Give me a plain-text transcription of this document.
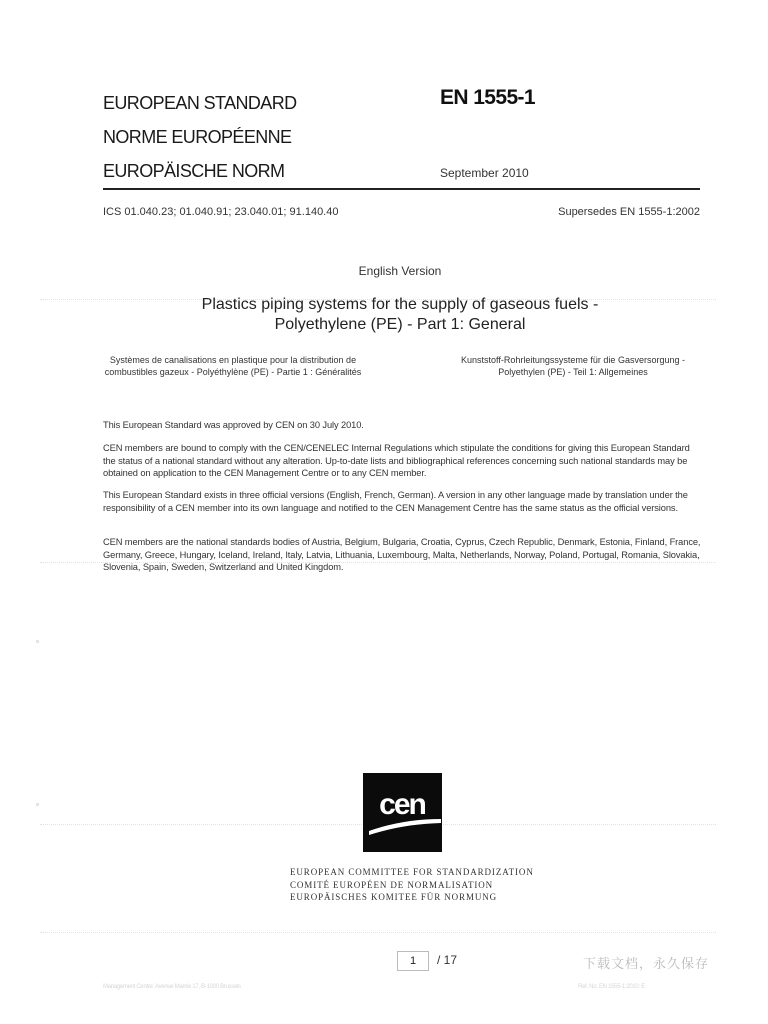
EUROPEAN STANDARD
NORME EUROPÉENNE
EUROPÄISCHE NORM
EN 1555-1
September 2010
ICS 01.040.23; 01.040.91; 23.040.01; 91.140.40	Supersedes EN 1555-1:2002
English Version
Plastics piping systems for the supply of gaseous fuels -
Polyethylene (PE) - Part 1: General
Systèmes de canalisations en plastique pour la distribution de combustibles gazeux - Polyéthylène (PE) - Partie 1 : Généralités
Kunststoff-Rohrleitungssysteme für die Gasversorgung - Polyethylen (PE) - Teil 1: Allgemeines
This European Standard was approved by CEN on 30 July 2010.
CEN members are bound to comply with the CEN/CENELEC Internal Regulations which stipulate the conditions for giving this European Standard the status of a national standard without any alteration. Up-to-date lists and bibliographical references concerning such national standards may be obtained on application to the CEN Management Centre or to any CEN member.
This European Standard exists in three official versions (English, French, German). A version in any other language made by translation under the responsibility of a CEN member into its own language and notified to the CEN Management Centre has the same status as the official versions.
CEN members are the national standards bodies of Austria, Belgium, Bulgaria, Croatia, Cyprus, Czech Republic, Denmark, Estonia, Finland, France, Germany, Greece, Hungary, Iceland, Ireland, Italy, Latvia, Lithuania, Luxembourg, Malta, Netherlands, Norway, Poland, Portugal, Romania, Slovakia, Slovenia, Spain, Sweden, Switzerland and United Kingdom.
cen
EUROPEAN COMMITTEE FOR STANDARDIZATION
COMITÉ EUROPÉEN DE NORMALISATION
EUROPÄISCHES KOMITEE FÜR NORMUNG
1	/ 17	下载文档，永久保存
Management Centre: Avenue Marnix 17, B-1000 Brussels	Ref. No. EN 1555-1:2010: E
